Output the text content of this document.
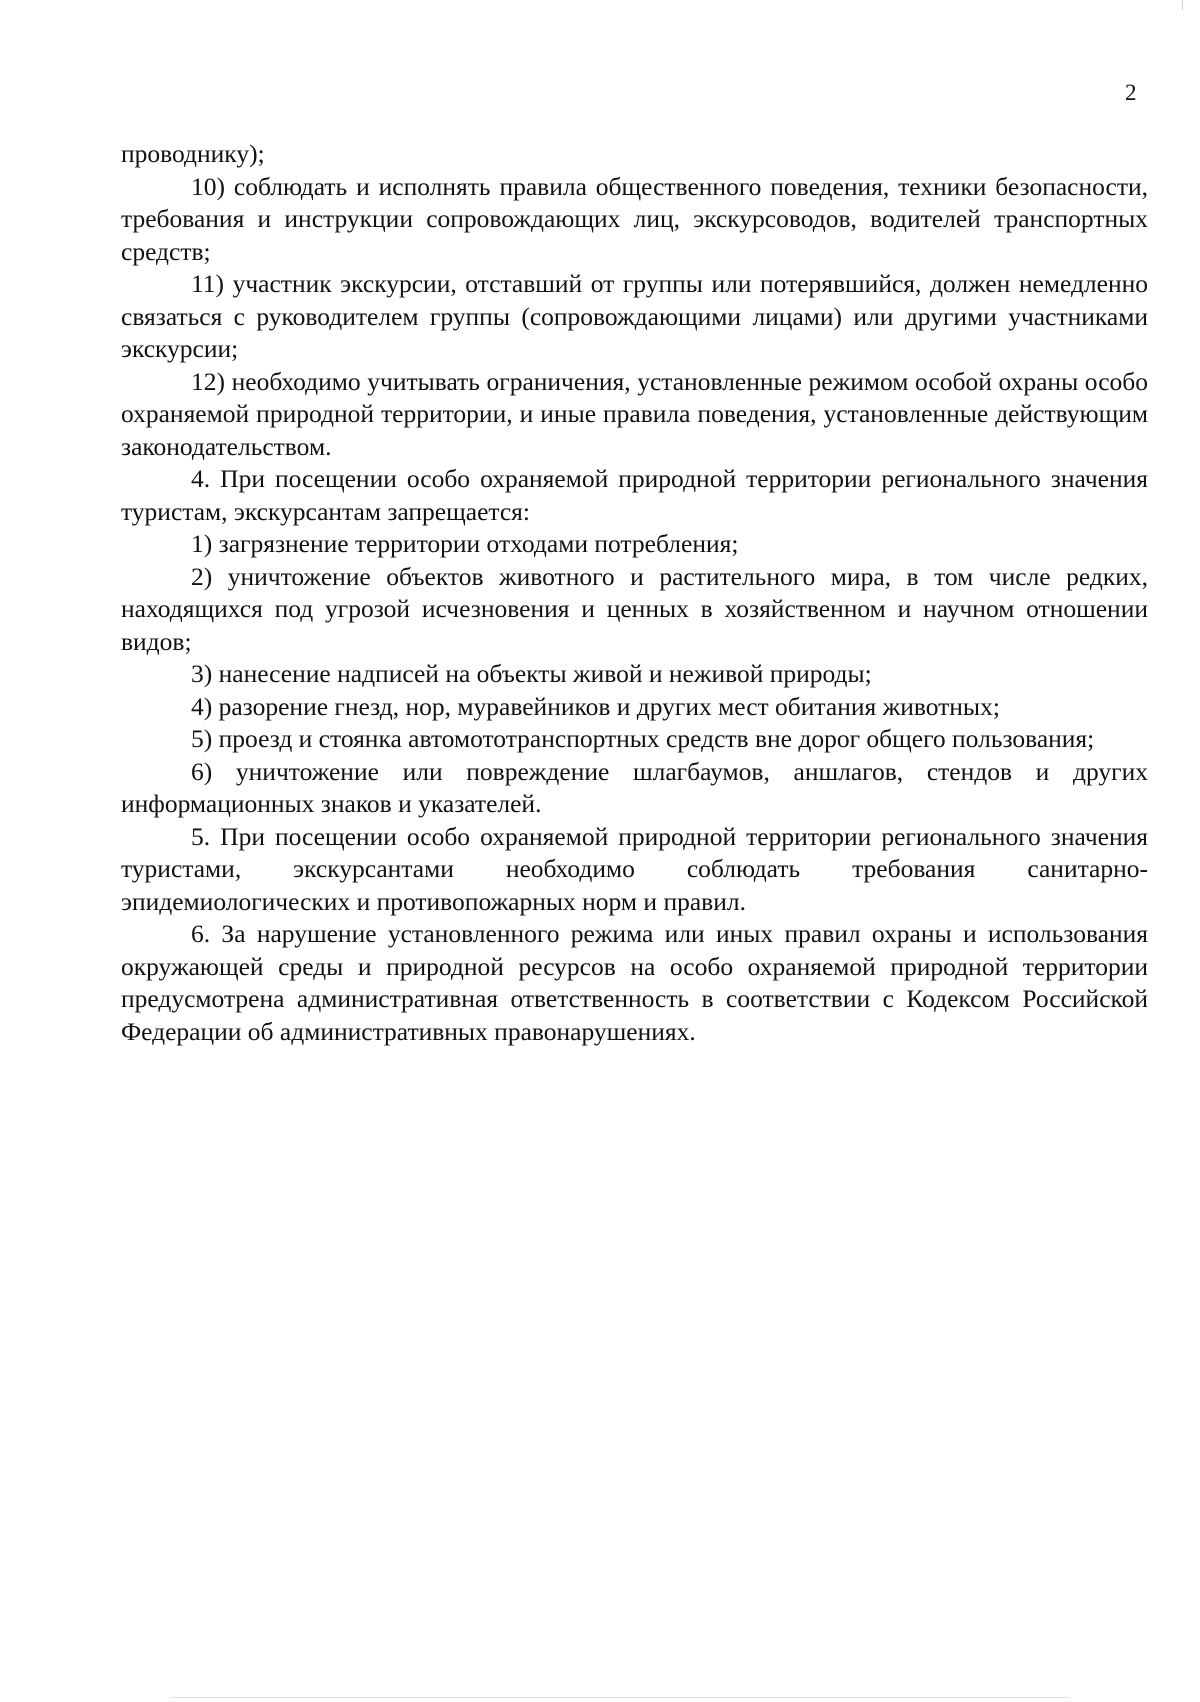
2

проводнику);

10) соблюдать и исполнять правила общественного поведения, техники безопасности, требования и инструкции сопровождающих лиц, экскурсоводов, водителей транспортных средств;

11) участник экскурсии, отставший от группы или потерявшийся, должен немедленно связаться с руководителем группы (сопровождающими лицами) или другими участниками экскурсии;

12) необходимо учитывать ограничения, установленные режимом особой охраны особо охраняемой природной территории, и иные правила поведения, установленные действующим законодательством.

4. При посещении особо охраняемой природной территории регионального значения туристам, экскурсантам запрещается:

1) загрязнение территории отходами потребления;

2) уничтожение объектов животного и растительного мира, в том числе редких, находящихся под угрозой исчезновения и ценных в хозяйственном и научном отношении видов;

3) нанесение надписей на объекты живой и неживой природы;

4) разорение гнезд, нор, муравейников и других мест обитания животных;

5) проезд и стоянка автомототранспортных средств вне дорог общего пользования;

6) уничтожение или повреждение шлагбаумов, аншлагов, стендов и других информационных знаков и указателей.

5. При посещении особо охраняемой природной территории регионального значения туристами, экскурсантами необходимо соблюдать требования санитарно-эпидемиологических и противопожарных норм и правил.

6. За нарушение установленного режима или иных правил охраны и использования окружающей среды и природной ресурсов на особо охраняемой природной территории предусмотрена административная ответственность в соответствии с Кодексом Российской Федерации об административных правонарушениях.
